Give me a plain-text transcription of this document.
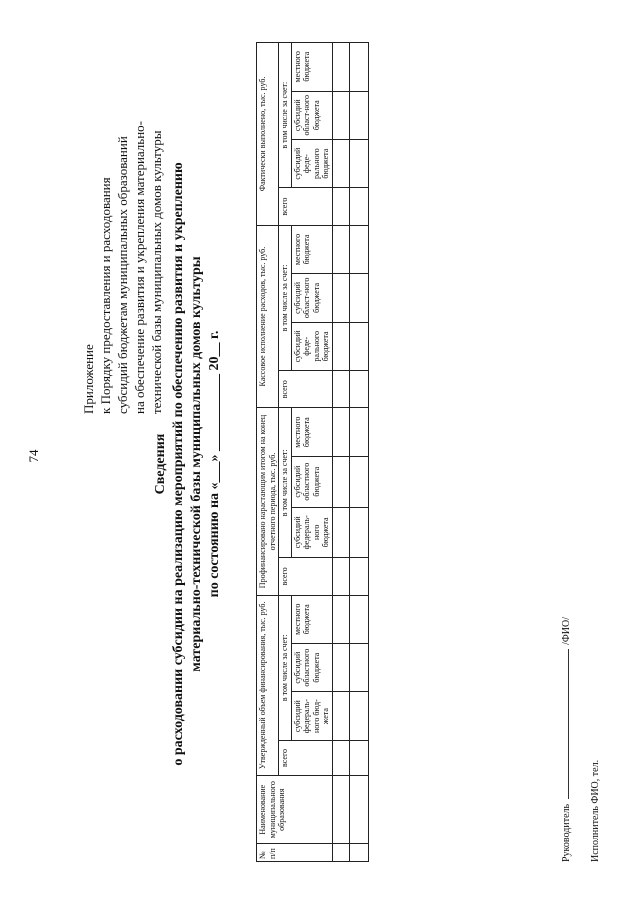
74
Приложение к Порядку предоставления и расходования субсидий бюджетам муниципальных образований на обеспечение развития и укрепления материально- технической базы муниципальных домов культуры
Сведения о расходовании субсидии на реализацию мероприятий по обеспечению развития и укреплению материально-технической базы муниципальных домов культуры по состоянию на «___» ___________ 20__ г.
№ п/п	Наименование муниципального образования	Утвержденный объем финансирования, тыс. руб.				Профинансировано нарастающим итогом на конец отчетного периода, тыс. руб.				Кассовое исполнение расходов, тыс. руб.				Фактически выполнено, тыс. руб.			
		всего	в том числе за счет:			всего	в том числе за счет:			всего	в том числе за счет:			всего	в том числе за счет:		
			субсидий федераль-ного бюд-жета	субсидий областного бюджета	местного бюджета		субсидий федераль-ного бюджета	субсидий областного бюджета	местного бюджета		субсидий феде-рального бюджета	субсидий област-ного бюджета	местного бюджета		субсидий феде-рального бюджета	субсидий област-ного бюджета	местного бюджета

Руководитель  /ФИО/
Исполнитель ФИО, тел.
